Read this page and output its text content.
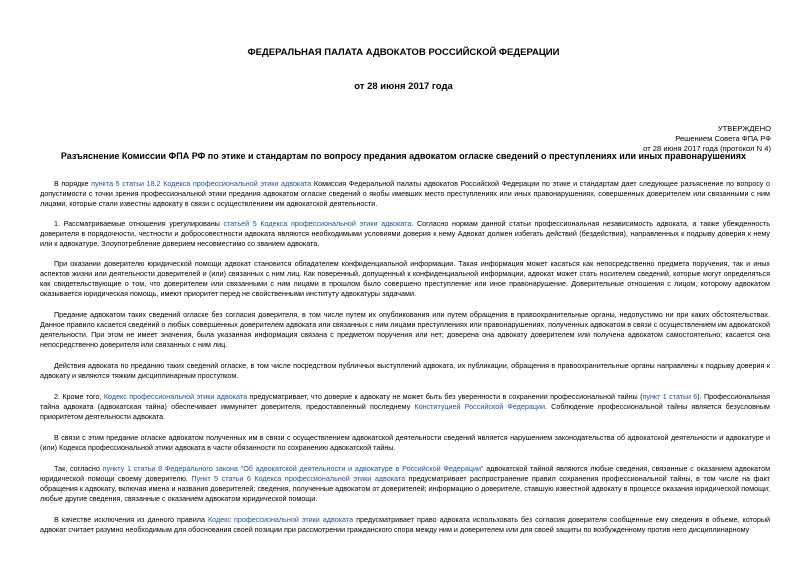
ФЕДЕРАЛЬНАЯ ПАЛАТА АДВОКАТОВ РОССИЙСКОЙ ФЕДЕРАЦИИ
от 28 июня 2017 года
УТВЕРЖДЕНО
Решением Совета ФПА РФ
от 28 июня 2017 года (протокол N 4)
Разъяснение Комиссии ФПА РФ по этике и стандартам по вопросу предания адвокатом огласке сведений о преступлениях или иных правонарушениях

В порядке пункта 5 статьи 18.2 Кодекса профессиональной этики адвоката Комиссия Федеральной палаты адвокатов Российской Федерации по этике и стандартам дает следующее разъяснение по вопросу о допустимости с точки зрения профессиональной этики предания адвокатом огласке сведений о якобы имевших место преступлениях или иных правонарушениях, совершенных доверителем или связанными с ним лицами, которые стали известны адвокату в связи с осуществлением им адвокатской деятельности.

1. Рассматриваемые отношения урегулированы статьей 5 Кодекса профессиональной этики адвоката. Согласно нормам данной статьи профессиональная независимость адвоката, а также убежденность доверителя в порядочности, честности и добросовестности адвоката являются необходимыми условиями доверия к нему Адвокат должен избегать действий (бездействия), направленных к подрыву доверия к нему или к адвокатуре. Злоупотребление доверием несовместимо со званием адвоката.

При оказании доверителю юридической помощи адвокат становится обладателем конфиденциальной информации. Такая информация может касаться как непосредственно предмета поручения, так и иных аспектов жизни или деятельности доверителей и (или) связанных с ним лиц. Как поверенный, допущенный к конфиденциальной информации, адвокат может стать носителем сведений, которые могут определяться как свидетельствующие о том, что доверителем или связанными с ним лицами в прошлом было совершено преступление или иное правонарушение. Доверительные отношения с лицом, которому адвокатом оказывается юридическая помощь, имеют приоритет перед не свойственными институту адвокатуры задачами.

Предание адвокатом таких сведений огласке без согласия доверителя, в том числе путем их опубликования или путем обращения в правоохранительные органы, недопустимо ни при каких обстоятельствах. Данное правило касается сведений о любых совершенных доверителем адвоката или связанных с ним лицами преступлениях или правонарушениях, полученных адвокатом в связи с осуществлением им адвокатской деятельности. При этом не имеет значения, была указанная информация связана с предметом поручения или нет; доверена она адвокату доверителем или получена адвокатом самостоятельно; касается она непосредственно доверителя или связанных с ним лиц.

Действия адвоката по преданию таких сведений огласке, в том числе посредством публичных выступлений адвоката, их публикации, обращения в правоохранительные органы направлены к подрыву доверия к адвокату и являются тяжким дисциплинарным проступком.

2. Кроме того, Кодекс профессиональной этики адвоката предусматривает, что доверие к адвокату не может быть без уверенности в сохранении профессиональной тайны (пункт 1 статьи 6). Профессиональная тайна адвоката (адвокатская тайна) обеспечивает иммунитет доверителя, предоставленный последнему Конституцией Российской Федерации. Соблюдение профессиональной тайны является безусловным приоритетом деятельности адвоката.

В связи с этим предание огласке адвокатом полученных им в связи с осуществлением адвокатской деятельности сведений является нарушением законодательства об адвокатской деятельности и адвокатуре и (или) Кодекса профессиональной этики адвоката в части обязанности по сохранению адвокатской тайны.

Так, согласно пункту 1 статьи 8 Федерального закона "Об адвокатской деятельности и адвокатуре в Российской Федерации" адвокатской тайной являются любые сведения, связанные с оказанием адвокатом юридической помощи своему доверителю. Пункт 5 статьи 6 Кодекса профессиональной этики адвоката предусматривает распространение правил сохранения профессиональной тайны, в том числе на факт обращения к адвокату, включая имена и названия доверителей; сведения, полученные адвокатом от доверителей; информацию о доверителе, ставшую известной адвокату в процессе оказания юридической помощи; любые другие сведения, связанные с оказанием адвокатом юридической помощи.

В качестве исключения из данного правила Кодекс профессиональной этики адвоката предусматривает право адвоката использовать без согласия доверителя сообщенные ему сведения в объеме, который адвокат считает разумно необходимым для обоснования своей позиции при рассмотрении гражданского спора между ним и доверителем или для своей защиты по возбужденному против него дисциплинарному
